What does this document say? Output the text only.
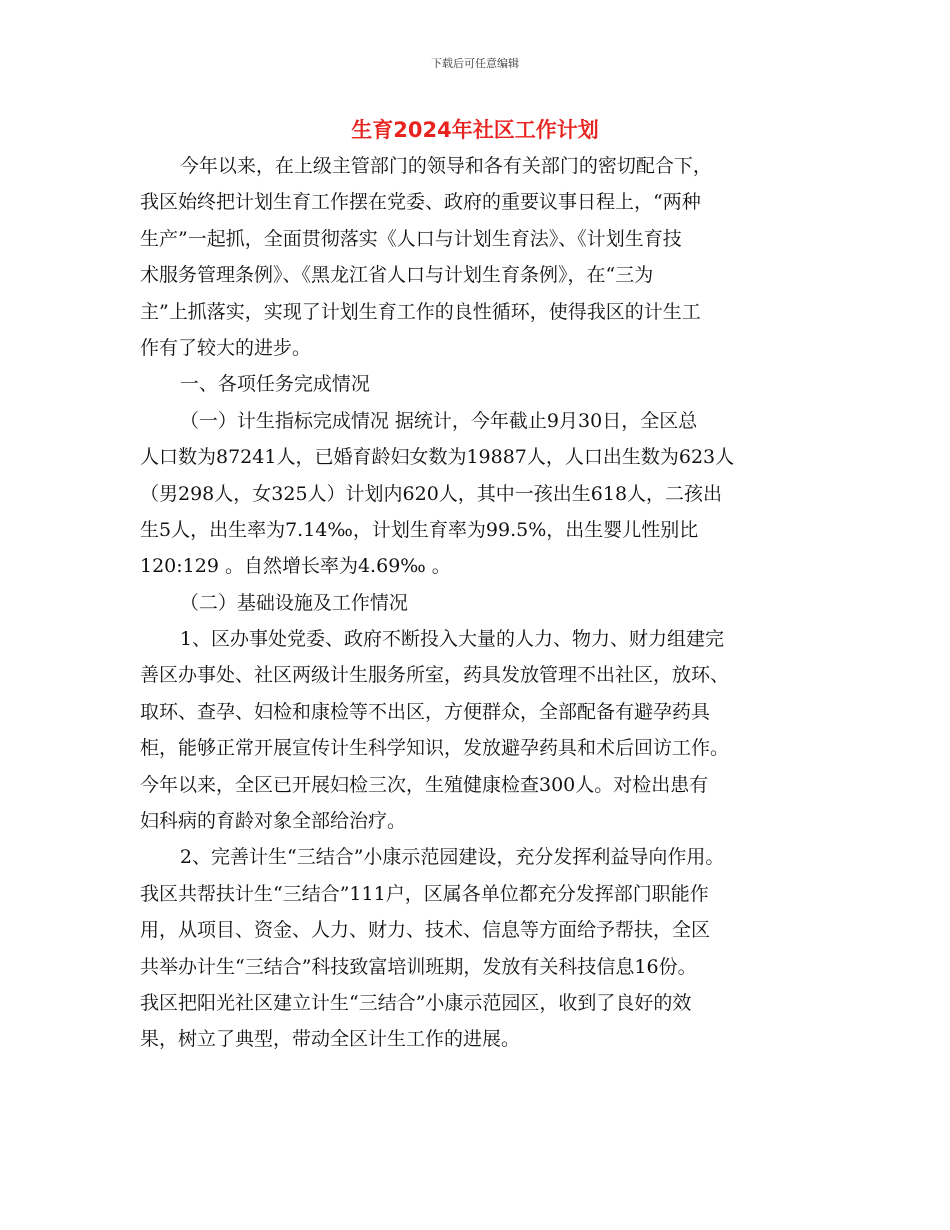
下载后可任意编辑
生育2024年社区工作计划
今年以来，在上级主管部门的领导和各有关部门的密切配合下，
我区始终把计划生育工作摆在党委、政府的重要议事日程上，“两种
生产”一起抓，全面贯彻落实《人口与计划生育法》、《计划生育技
术服务管理条例》、《黑龙江省人口与计划生育条例》，在“三为
主”上抓落实，实现了计划生育工作的良性循环，使得我区的计生工
作有了较大的进步。
一、各项任务完成情况
（一）计生指标完成情况 据统计，今年截止9月30日，全区总
人口数为87241人，已婚育龄妇女数为19887人，人口出生数为623人
（男298人，女325人）计划内620人，其中一孩出生618人，二孩出
生5人，出生率为7.14‰，计划生育率为99.5%，出生婴儿性别比
120:129 。自然增长率为4.69‰ 。
（二）基础设施及工作情况
1、区办事处党委、政府不断投入大量的人力、物力、财力组建完
善区办事处、社区两级计生服务所室，药具发放管理不出社区，放环、
取环、查孕、妇检和康检等不出区，方便群众，全部配备有避孕药具
柜，能够正常开展宣传计生科学知识，发放避孕药具和术后回访工作。
今年以来，全区已开展妇检三次，生殖健康检查300人。对检出患有
妇科病的育龄对象全部给治疗。
2、完善计生“三结合”小康示范园建设，充分发挥利益导向作用。
我区共帮扶计生“三结合”111户，区属各单位都充分发挥部门职能作
用，从项目、资金、人力、财力、技术、信息等方面给予帮扶，全区
共举办计生“三结合”科技致富培训班期，发放有关科技信息16份。
我区把阳光社区建立计生“三结合”小康示范园区，收到了良好的效
果，树立了典型，带动全区计生工作的进展。
